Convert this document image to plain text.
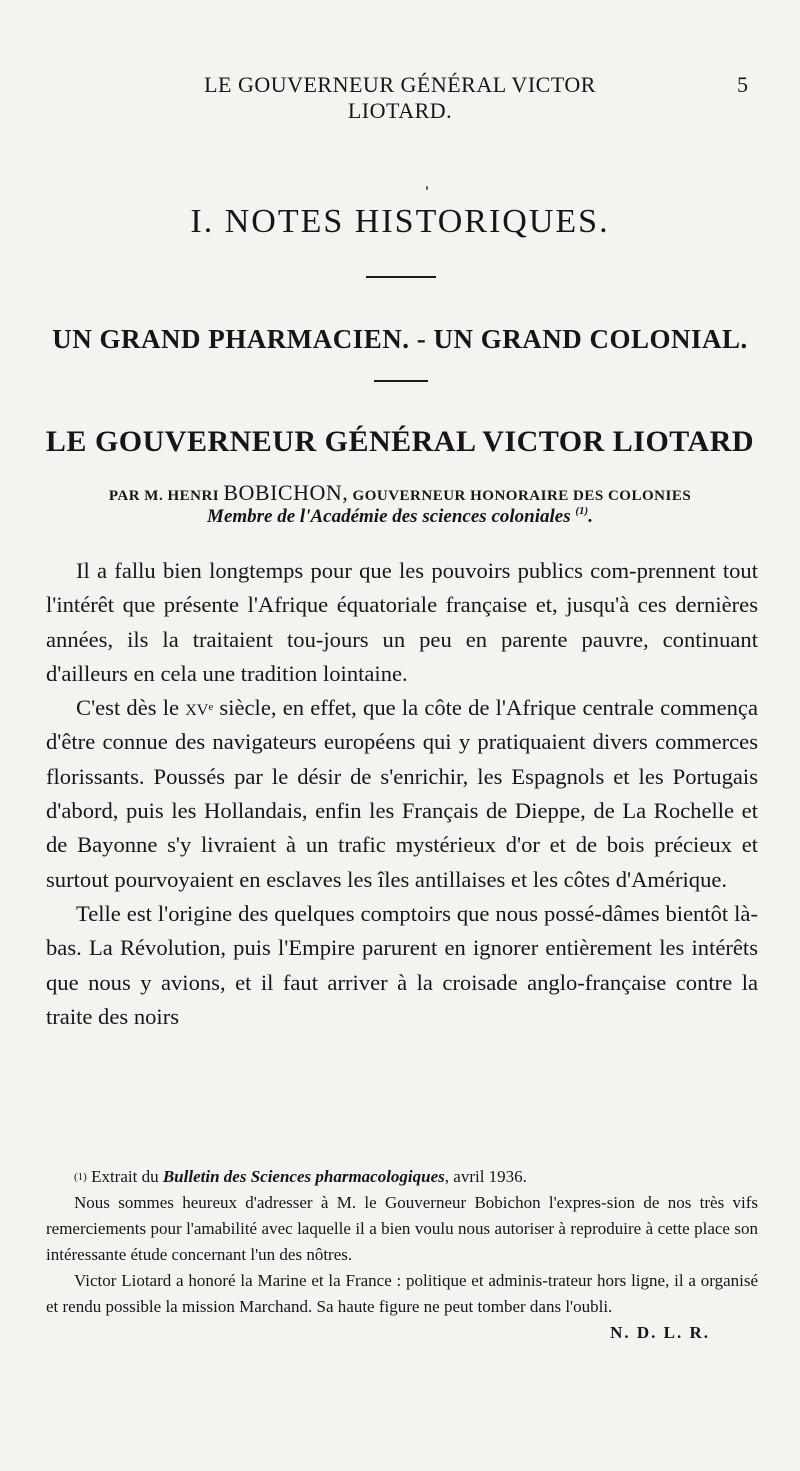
LE GOUVERNEUR GÉNÉRAL VICTOR LIOTARD.
5
I. NOTES HISTORIQUES.
UN GRAND PHARMACIEN. - UN GRAND COLONIAL.
LE GOUVERNEUR GÉNÉRAL VICTOR LIOTARD
PAR M. HENRI BOBICHON, GOUVERNEUR HONORAIRE DES COLONIES
Membre de l'Académie des sciences coloniales $^{(1)}$.

Il a fallu bien longtemps pour que les pouvoirs publics com-prennent tout l'intérêt que présente l'Afrique équatoriale française et, jusqu'à ces dernières années, ils la traitaient tou-jours un peu en parente pauvre, continuant d'ailleurs en cela une tradition lointaine.

C'est dès le $xv^e$ siècle, en effet, que la côte de l'Afrique centrale commença d'être connue des navigateurs européens qui y pratiquaient divers commerces florissants. Poussés par le désir de s'enrichir, les Espagnols et les Portugais d'abord, puis les Hollandais, enfin les Français de Dieppe, de La Rochelle et de Bayonne s'y livraient à un trafic mystérieux d'or et de bois précieux et surtout pourvoyaient en esclaves les îles antillaises et les côtes d'Amérique.

Telle est l'origine des quelques comptoirs que nous possé-dâmes bientôt là-bas. La Révolution, puis l'Empire parurent en ignorer entièrement les intérêts que nous y avions, et il faut arriver à la croisade anglo-française contre la traite des noirs

$^{(1)}$ Extrait du Bulletin des Sciences pharmacologiques, avril 1936.

Nous sommes heureux d'adresser à M. le Gouverneur Bobichon l'expres-sion de nos très vifs remerciements pour l'amabilité avec laquelle il a bien voulu nous autoriser à reproduire à cette place son intéressante étude concernant l'un des nôtres.

Victor Liotard a honoré la Marine et la France : politique et adminis-trateur hors ligne, il a organisé et rendu possible la mission Marchand. Sa haute figure ne peut tomber dans l'oubli.

N. D. L. R.
